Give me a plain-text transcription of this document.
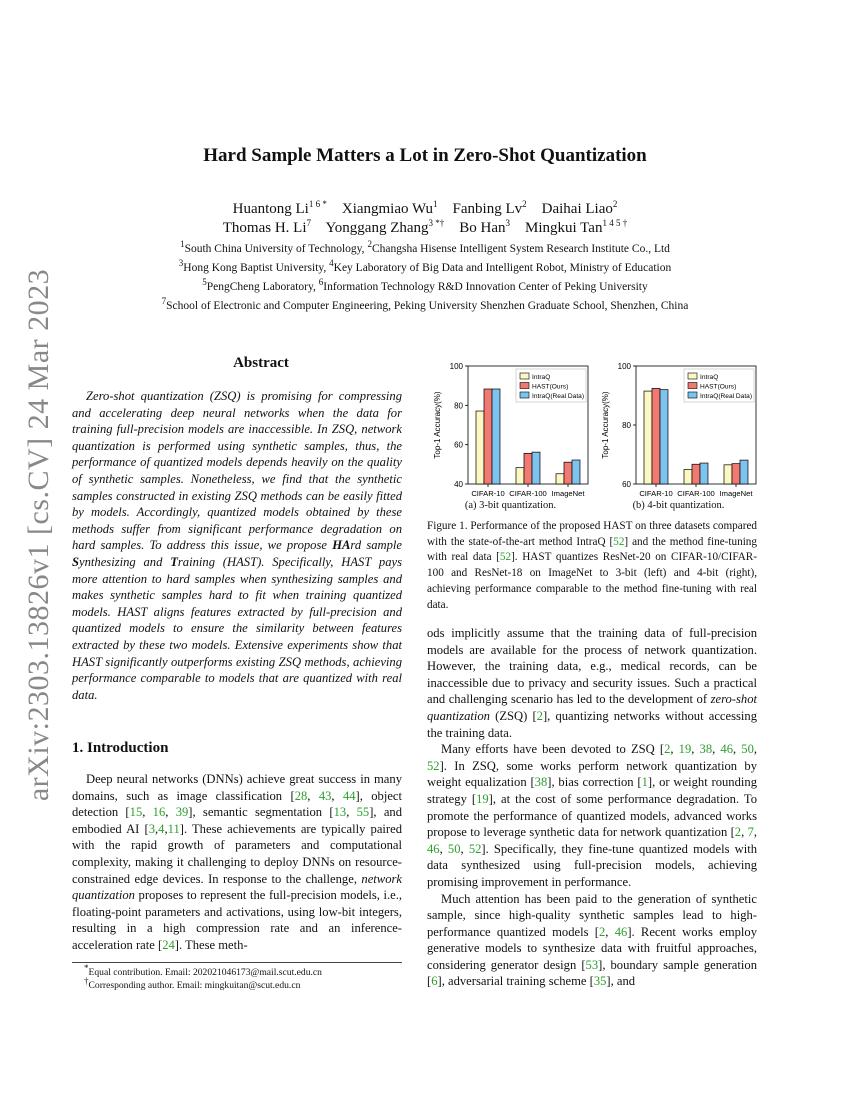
arXiv:2303.13826v1 [cs.CV] 24 Mar 2023
Hard Sample Matters a Lot in Zero-Shot Quantization
Huantong $Li^{1 6 *}$ Xiangmiao Wu$^1$ Fanbing Lv$^2$ Daihai Liao$^2$
Thomas H. Li$^7$ Yonggang Zhang$^{3 *\dagger}$ Bo Han$^3$ Mingkui Tan$^{1 4 5 \dagger}$
$^1$South China University of Technology, $^2$Changsha Hisense Intelligent System Research Institute Co., Ltd
$^3$Hong Kong Baptist University, $^4$Key Laboratory of Big Data and Intelligent Robot, Ministry of Education
$^5$PengCheng Laboratory, $^6$Information Technology R&D Innovation Center of Peking University
$^7$School of Electronic and Computer Engineering, Peking University Shenzhen Graduate School, Shenzhen, China
Abstract
Zero-shot quantization (ZSQ) is promising for compressing and accelerating deep neural networks when the data for training full-precision models are inaccessible. In ZSQ, network quantization is performed using synthetic samples, thus, the performance of quantized models depends heavily on the quality of synthetic samples. Nonetheless, we find that the synthetic samples constructed in existing ZSQ methods can be easily fitted by models. Accordingly, quantized models obtained by these methods suffer from significant performance degradation on hard samples. To address this issue, we propose HArd sample Synthesizing and Training (HAST). Specifically, HAST pays more attention to hard samples when synthesizing samples and makes synthetic samples hard to fit when training quantized models. HAST aligns features extracted by full-precision and quantized models to ensure the similarity between features extracted by these two models. Extensive experiments show that HAST significantly outperforms existing ZSQ methods, achieving performance comparable to models that are quantized with real data.
1. Introduction

Deep neural networks (DNNs) achieve great success in many domains, such as image classification [28, 43, 44], object detection [15, 16, 39], semantic segmentation [13, 55], and embodied AI [3,4,11]. These achievements are typically paired with the rapid growth of parameters and computational complexity, making it challenging to deploy DNNs on resource-constrained edge devices. In response to the challenge, network quantization proposes to represent the full-precision models, i.e., floating-point parameters and activations, using low-bit integers, resulting in a high compression rate and an inference-acceleration rate [24]. These meth-

*Equal contribution. Email: 202021046173@mail.scut.edu.cn
†Corresponding author. Email: mingkuitan@scut.edu.cn
40
60
80
100
Top-1 Accuracy(%)
CIFAR-10 CIFAR-100 ImageNet
IntraQ
HAST(Ours)
IntraQ(Real Data)
60
80
100
Top-1 Accuracy(%)
CIFAR-10 CIFAR-100 ImageNet
IntraQ
HAST(Ours)
IntraQ(Real Data)
(a) 3-bit quantization.	(b) 4-bit quantization.
Figure 1. Performance of the proposed HAST on three datasets compared with the state-of-the-art method IntraQ [52] and the method fine-tuning with real data [52]. HAST quantizes ResNet-20 on CIFAR-10/CIFAR-100 and ResNet-18 on ImageNet to 3-bit (left) and 4-bit (right), achieving performance comparable to the method fine-tuning with real data.

ods implicitly assume that the training data of full-precision models are available for the process of network quantization. However, the training data, e.g., medical records, can be inaccessible due to privacy and security issues. Such a practical and challenging scenario has led to the development of zero-shot quantization (ZSQ) [2], quantizing networks without accessing the training data.

Many efforts have been devoted to ZSQ [2, 19, 38, 46, 50, 52]. In ZSQ, some works perform network quantization by weight equalization [38], bias correction [1], or weight rounding strategy [19], at the cost of some performance degradation. To promote the performance of quantized models, advanced works propose to leverage synthetic data for network quantization [2, 7, 46, 50, 52]. Specifically, they fine-tune quantized models with data synthesized using full-precision models, achieving promising improvement in performance.

Much attention has been paid to the generation of synthetic sample, since high-quality synthetic samples lead to high-performance quantized models [2, 46]. Recent works employ generative models to synthesize data with fruitful approaches, considering generator design [53], boundary sample generation [6], adversarial training scheme [35], and
